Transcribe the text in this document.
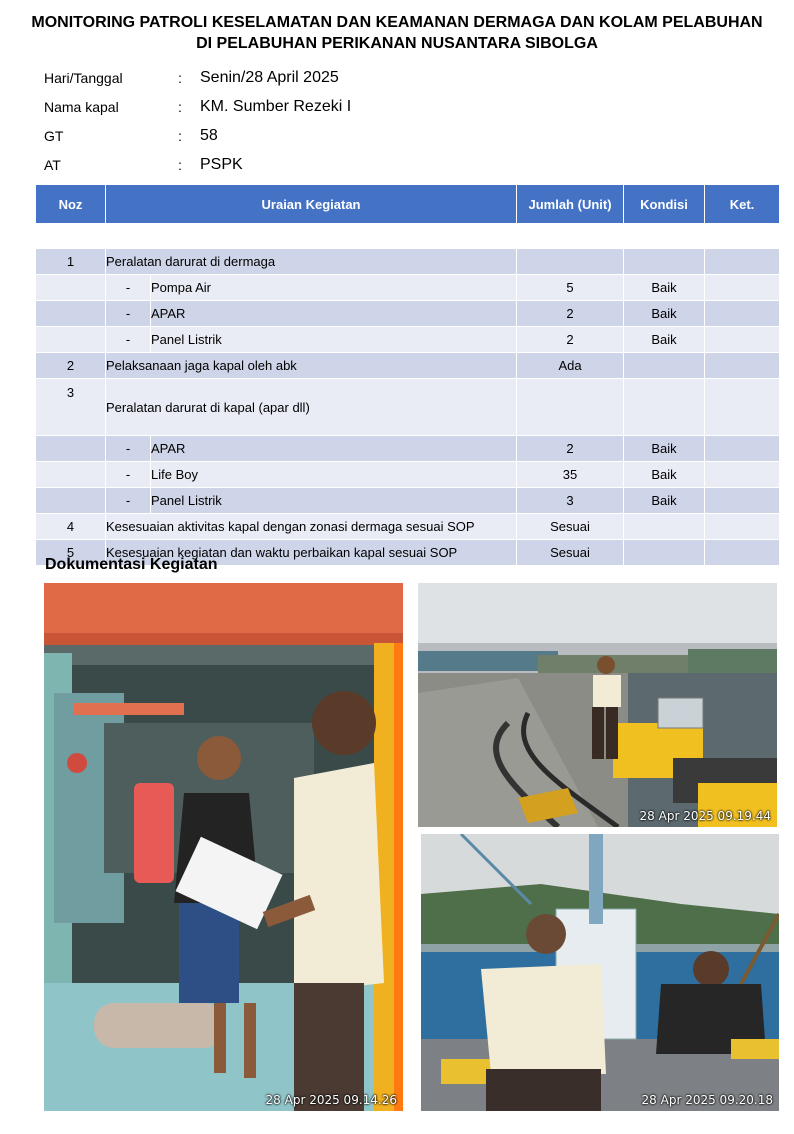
MONITORING PATROLI KESELAMATAN DAN KEAMANAN DERMAGA DAN KOLAM PELABUHAN
DI PELABUHAN PERIKANAN NUSANTARA SIBOLGA
Hari/Tanggal	:	Senin/28 April 2025
Nama kapal	:	KM. Sumber Rezeki I
GT	:	58
AT	:	PSPK
Noz	Uraian Kegiatan		Jumlah (Unit)	Kondisi	Ket.

1	Peralatan darurat di dermaga				
	-	Pompa Air	5	Baik	
	-	APAR	2	Baik	
	-	Panel Listrik	2	Baik	
2	Pelaksanaan jaga kapal oleh abk		Ada		
3	Peralatan darurat di kapal (apar dll)				
	-	APAR	2	Baik	
	-	Life Boy	35	Baik	
	-	Panel Listrik	3	Baik	
4	Kesesuaian aktivitas kapal dengan zonasi dermaga sesuai SOP		Sesuai		
5	Kesesuaian kegiatan dan waktu perbaikan kapal sesuai SOP		Sesuai		
Dokumentasi Kegiatan
28 Apr 2025 09.14.26
28 Apr 2025 09.19.44
28 Apr 2025 09.20.18
